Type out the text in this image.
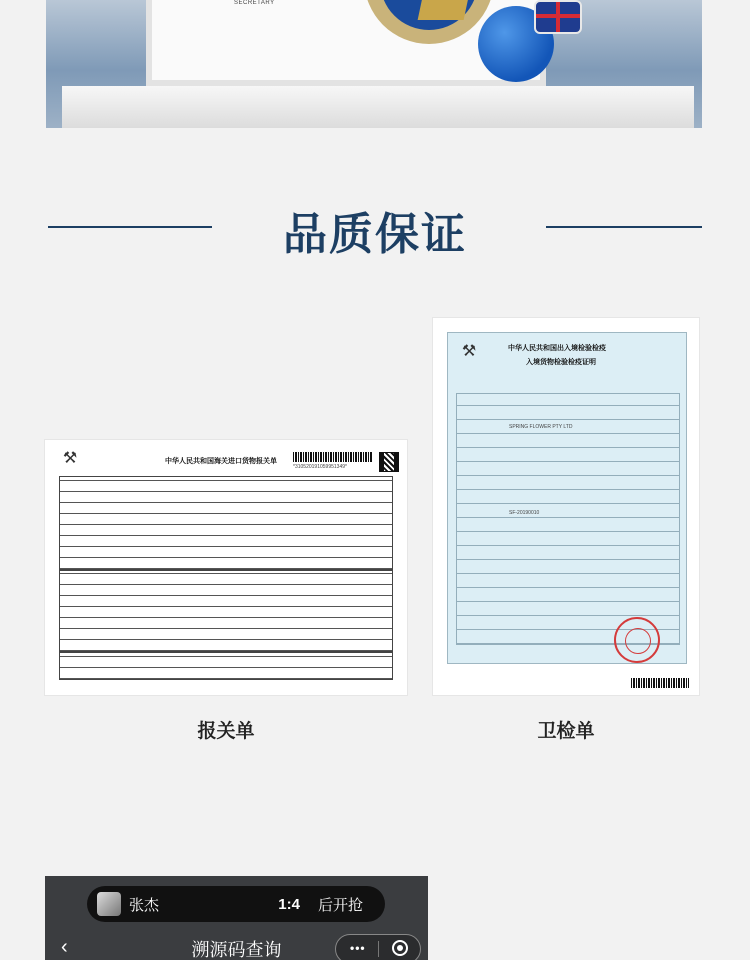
SECRETARY
品质保证
⚒	中华人民共和国海关进口货物报关单
*310520191059951349*
⚒	中华人民共和国出入境检验检疫
入境货物检验检疫证明
SPRING FLOWER PTY LTD
SF-20190010
报关单	卫检单
张杰	1:4 后开抢
‹	溯源码查询	•••
